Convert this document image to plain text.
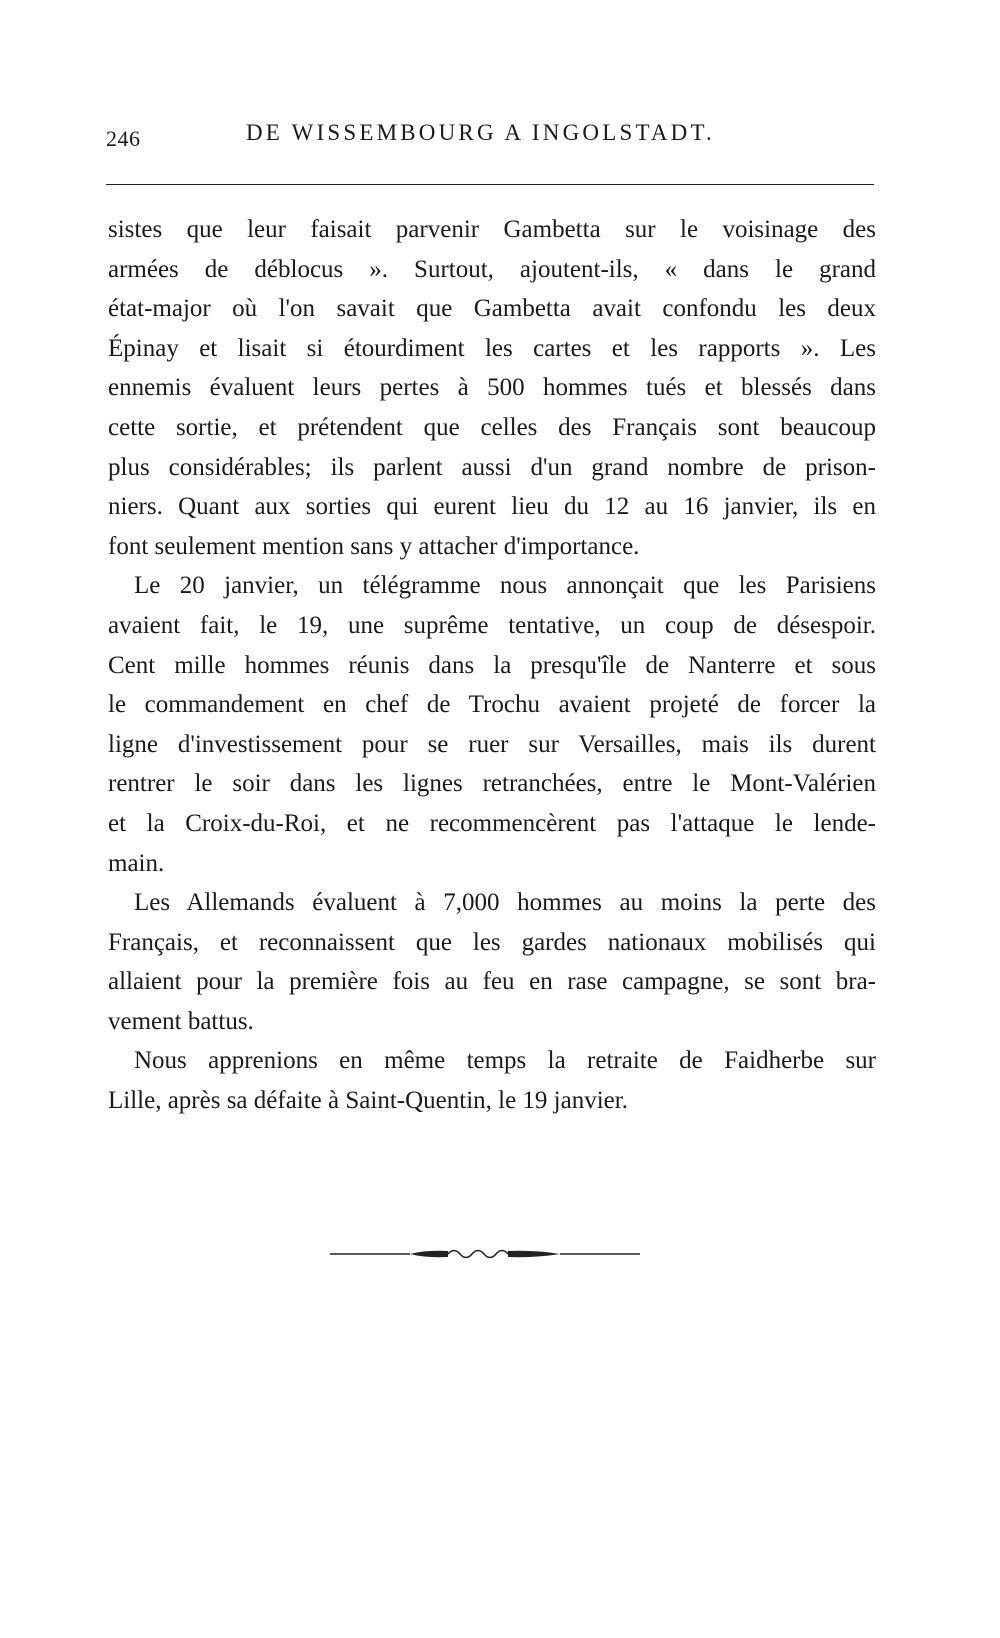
246	DE WISSEMBOURG A INGOLSTADT.
sistes que leur faisait parvenir Gambetta sur le voisinage des
armées de déblocus ». Surtout, ajoutent-ils, « dans le grand
état-major où l'on savait que Gambetta avait confondu les deux
Épinay et lisait si étourdiment les cartes et les rapports ». Les
ennemis évaluent leurs pertes à 500 hommes tués et blessés dans
cette sortie, et prétendent que celles des Français sont beaucoup
plus considérables; ils parlent aussi d'un grand nombre de prison-
niers. Quant aux sorties qui eurent lieu du 12 au 16 janvier, ils en
font seulement mention sans y attacher d'importance.
Le 20 janvier, un télégramme nous annonçait que les Parisiens
avaient fait, le 19, une suprême tentative, un coup de désespoir.
Cent mille hommes réunis dans la presqu'île de Nanterre et sous
le commandement en chef de Trochu avaient projeté de forcer la
ligne d'investissement pour se ruer sur Versailles, mais ils durent
rentrer le soir dans les lignes retranchées, entre le Mont-Valérien
et la Croix-du-Roi, et ne recommencèrent pas l'attaque le lende-
main.
Les Allemands évaluent à 7,000 hommes au moins la perte des
Français, et reconnaissent que les gardes nationaux mobilisés qui
allaient pour la première fois au feu en rase campagne, se sont bra-
vement battus.
Nous apprenions en même temps la retraite de Faidherbe sur
Lille, après sa défaite à Saint-Quentin, le 19 janvier.
